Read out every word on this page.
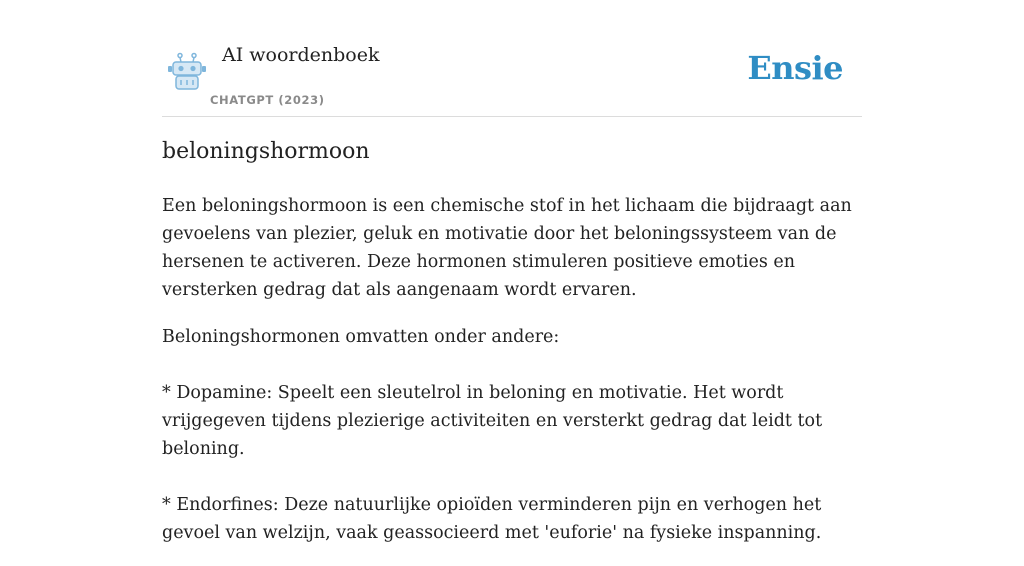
AI woordenboek
CHATGPT (2023)
Ensie
beloningshormoon

Een beloningshormoon is een chemische stof in het lichaam die bijdraagt aan gevoelens van plezier, geluk en motivatie door het beloningssysteem van de hersenen te activeren. Deze hormonen stimuleren positieve emoties en versterken gedrag dat als aangenaam wordt ervaren.

Beloningshormonen omvatten onder andere:

* Dopamine: Speelt een sleutelrol in beloning en motivatie. Het wordt vrijgegeven tijdens plezierige activiteiten en versterkt gedrag dat leidt tot beloning.

* Endorfines: Deze natuurlijke opioïden verminderen pijn en verhogen het gevoel van welzijn, vaak geassocieerd met 'euforie' na fysieke inspanning.
